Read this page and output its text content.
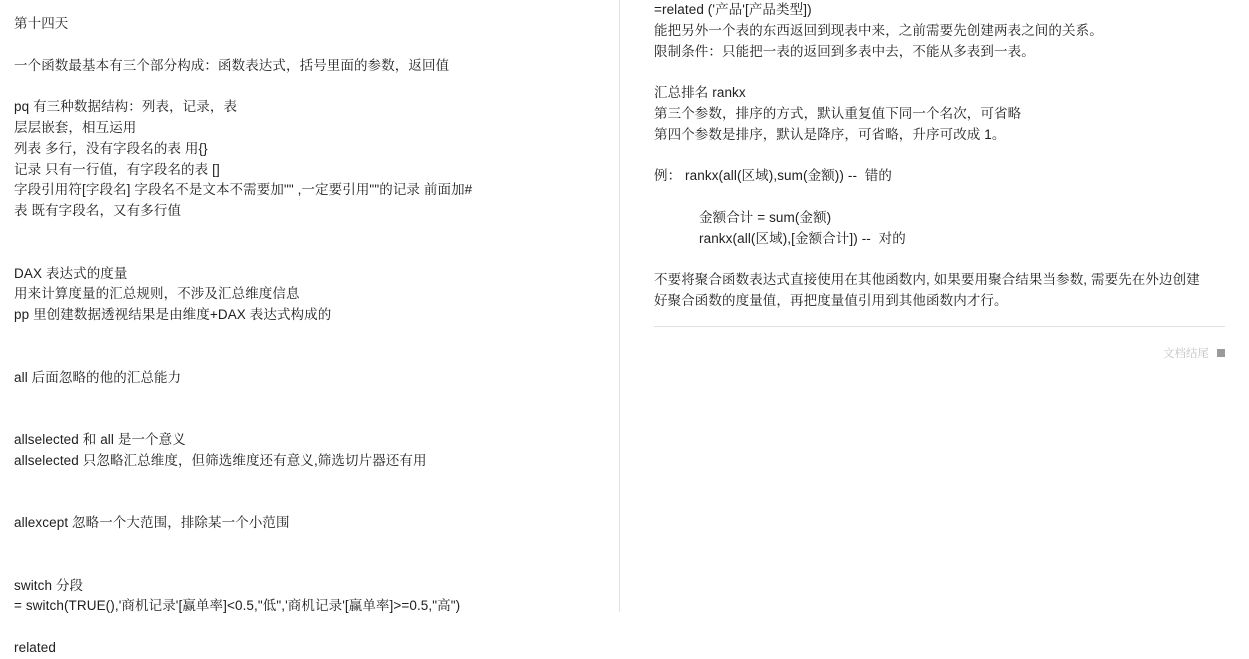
第十四天
一个函数最基本有三个部分构成：函数表达式，括号里面的参数，返回值
pq 有三种数据结构：列表，记录，表
层层嵌套，相互运用
列表 多行，没有字段名的表 用{}
记录 只有一行值，有字段名的表 []
字段引用符[字段名] 字段名不是文本不需要加"" ,一定要引用""的记录 前面加#
表 既有字段名，又有多行值
DAX 表达式的度量
用来计算度量的汇总规则，不涉及汇总维度信息
pp 里创建数据透视结果是由维度+DAX 表达式构成的
all 后面忽略的他的汇总能力
allselected 和 all 是一个意义
allselected 只忽略汇总维度，但筛选维度还有意义,筛选切片器还有用
allexcept 忽略一个大范围，排除某一个小范围
switch 分段
= switch(TRUE(),'商机记录'[赢单率]<0.5,"低",'商机记录'[赢单率]>=0.5,"高")
related
=related ('产品'[产品类型])
能把另外一个表的东西返回到现表中来，之前需要先创建两表之间的关系。
限制条件：只能把一表的返回到多表中去，不能从多表到一表。
汇总排名 rankx
第三个参数，排序的方式，默认重复值下同一个名次，可省略
第四个参数是排序，默认是降序，可省略，升序可改成 1。
例： rankx(all(区域),sum(金额)) --  错的
金额合计 = sum(金额)
rankx(all(区域),[金额合计]) --  对的
不要将聚合函数表达式直接使用在其他函数内, 如果要用聚合结果当参数, 需要先在外边创建
好聚合函数的度量值，再把度量值引用到其他函数内才行。
文档结尾
